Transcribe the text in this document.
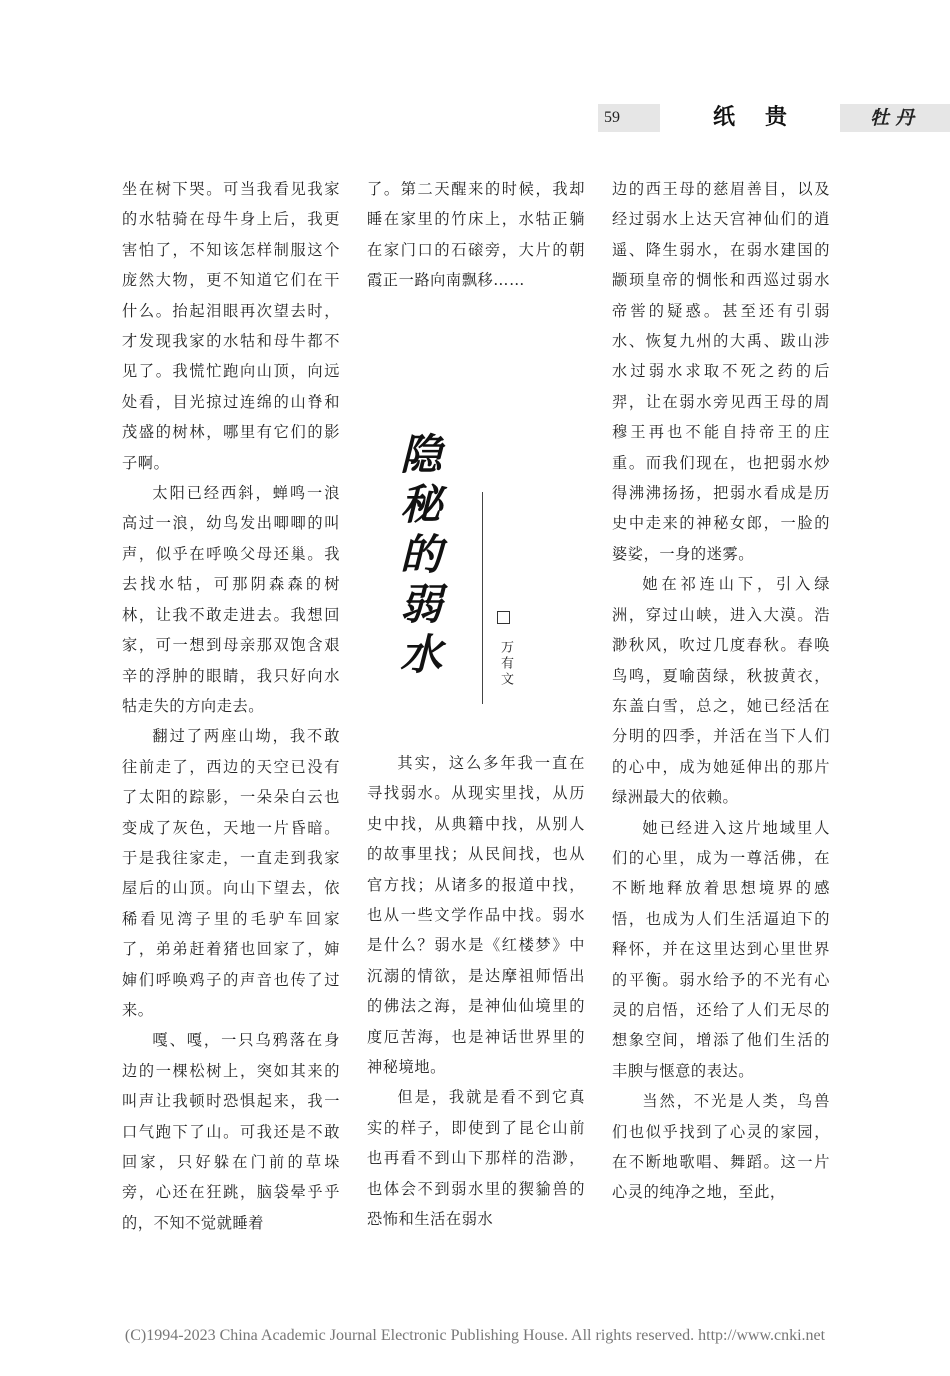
59	纸贵	牡丹

坐在树下哭。可当我看见我家的水牯骑在母牛身上后，我更害怕了，不知该怎样制服这个庞然大物，更不知道它们在干什么。抬起泪眼再次望去时，才发现我家的水牯和母牛都不见了。我慌忙跑向山顶，向远处看，目光掠过连绵的山脊和茂盛的树林，哪里有它们的影子啊。

太阳已经西斜，蝉鸣一浪高过一浪，幼鸟发出唧唧的叫声，似乎在呼唤父母还巢。我去找水牯，可那阴森森的树林，让我不敢走进去。我想回家，可一想到母亲那双饱含艰辛的浮肿的眼睛，我只好向水牯走失的方向走去。

翻过了两座山坳，我不敢往前走了，西边的天空已没有了太阳的踪影，一朵朵白云也变成了灰色，天地一片昏暗。于是我往家走，一直走到我家屋后的山顶。向山下望去，依稀看见湾子里的毛驴车回家了，弟弟赶着猪也回家了，婶婶们呼唤鸡子的声音也传了过来。

嘎、嘎，一只乌鸦落在身边的一棵松树上，突如其来的叫声让我顿时恐惧起来，我一口气跑下了山。可我还是不敢回家，只好躲在门前的草垛旁，心还在狂跳，脑袋晕乎乎的，不知不觉就睡着

了。第二天醒来的时候，我却睡在家里的竹床上，水牯正躺在家门口的石磙旁，大片的朝霞正一路向南飘移……

隐秘的弱水	万有文

其实，这么多年我一直在寻找弱水。从现实里找，从历史中找，从典籍中找，从别人的故事里找；从民间找，也从官方找；从诸多的报道中找，也从一些文学作品中找。弱水是什么？弱水是《红楼梦》中沉溺的情欲，是达摩祖师悟出的佛法之海，是神仙仙境里的度厄苦海，也是神话世界里的神秘境地。

但是，我就是看不到它真实的样子，即使到了昆仑山前也再看不到山下那样的浩渺，也体会不到弱水里的猰貐兽的恐怖和生活在弱水

边的西王母的慈眉善目，以及经过弱水上达天宫神仙们的逍遥、降生弱水，在弱水建国的颛顼皇帝的惆怅和西巡过弱水帝喾的疑惑。甚至还有引弱水、恢复九州的大禹、跋山涉水过弱水求取不死之药的后羿，让在弱水旁见西王母的周穆王再也不能自持帝王的庄重。而我们现在，也把弱水炒得沸沸扬扬，把弱水看成是历史中走来的神秘女郎，一脸的婆娑，一身的迷雾。

她在祁连山下，引入绿洲，穿过山峡，进入大漠。浩渺秋风，吹过几度春秋。春唤鸟鸣，夏喻茵绿，秋披黄衣，东盖白雪，总之，她已经活在分明的四季，并活在当下人们的心中，成为她延伸出的那片绿洲最大的依赖。

她已经进入这片地域里人们的心里，成为一尊活佛，在不断地释放着思想境界的感悟，也成为人们生活逼迫下的释怀，并在这里达到心里世界的平衡。弱水给予的不光有心灵的启悟，还给了人们无尽的想象空间，增添了他们生活的丰腴与惬意的表达。

当然，不光是人类，鸟兽们也似乎找到了心灵的家园，在不断地歌唱、舞蹈。这一片心灵的纯净之地，至此，

(C)1994-2023 China Academic Journal Electronic Publishing House. All rights reserved. http://www.cnki.net
